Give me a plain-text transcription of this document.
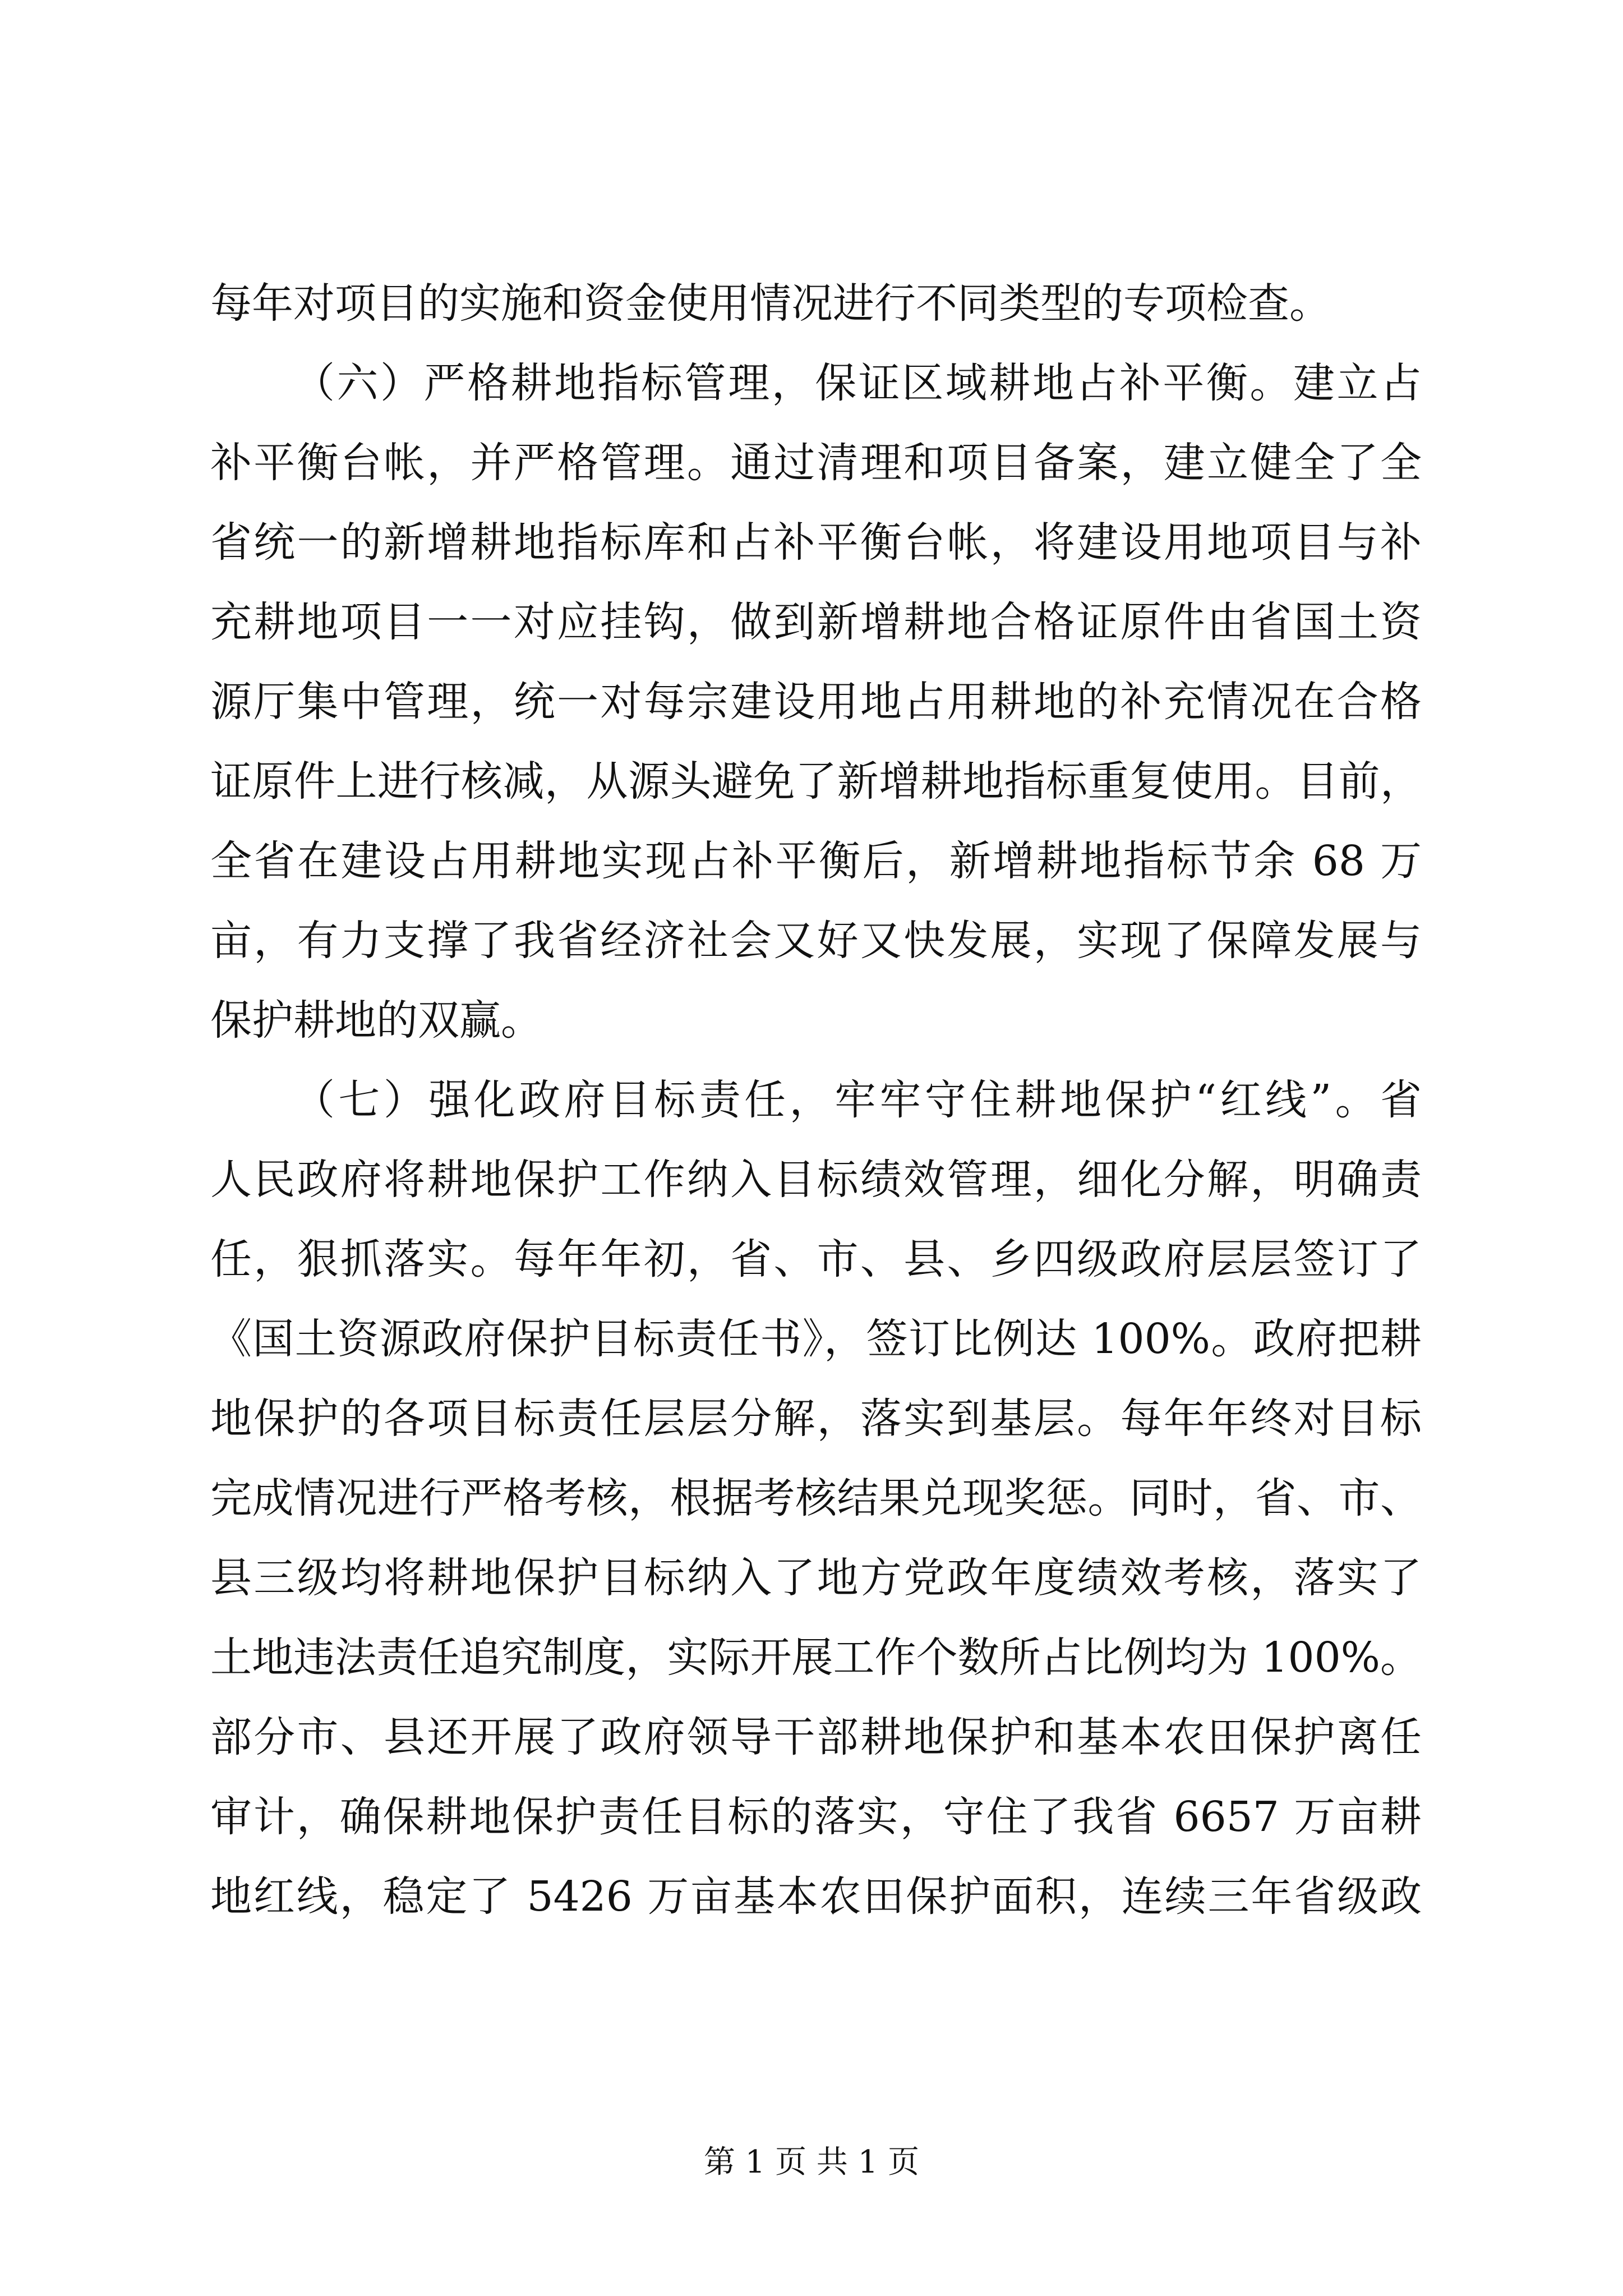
每年对项目的实施和资金使用情况进行不同类型的专项检查。
（六）严格耕地指标管理，保证区域耕地占补平衡。建立占
补平衡台帐，并严格管理。通过清理和项目备案，建立健全了全
省统一的新增耕地指标库和占补平衡台帐，将建设用地项目与补
充耕地项目一一对应挂钩，做到新增耕地合格证原件由省国土资
源厅集中管理，统一对每宗建设用地占用耕地的补充情况在合格
证原件上进行核减，从源头避免了新增耕地指标重复使用。目前，
全省在建设占用耕地实现占补平衡后，新增耕地指标节余 68 万
亩，有力支撑了我省经济社会又好又快发展，实现了保障发展与
保护耕地的双赢。
（七）强化政府目标责任，牢牢守住耕地保护“红线”。省
人民政府将耕地保护工作纳入目标绩效管理，细化分解，明确责
任，狠抓落实。每年年初，省、市、县、乡四级政府层层签订了
《国土资源政府保护目标责任书》，签订比例达 100%。政府把耕
地保护的各项目标责任层层分解，落实到基层。每年年终对目标
完成情况进行严格考核，根据考核结果兑现奖惩。同时，省、市、
县三级均将耕地保护目标纳入了地方党政年度绩效考核，落实了
土地违法责任追究制度，实际开展工作个数所占比例均为 100%。
部分市、县还开展了政府领导干部耕地保护和基本农田保护离任
审计，确保耕地保护责任目标的落实，守住了我省 6657 万亩耕
地红线，稳定了 5426 万亩基本农田保护面积，连续三年省级政
第 1 页 共 1 页
